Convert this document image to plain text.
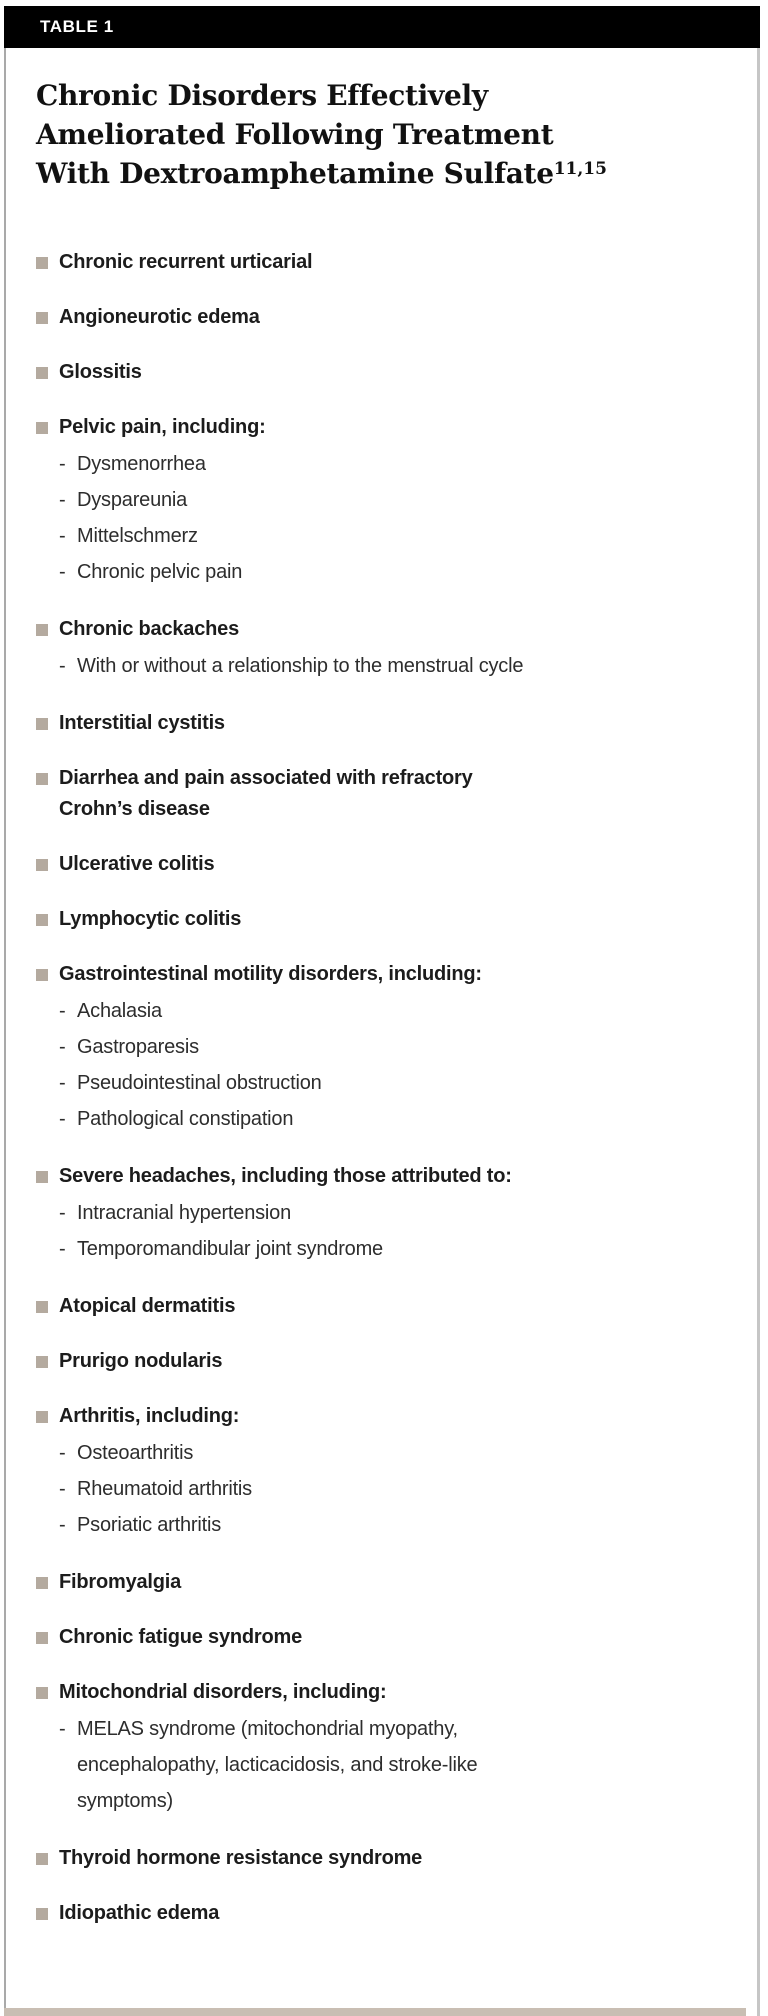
TABLE 1
Chronic Disorders Effectively
Ameliorated Following Treatment
With Dextroamphetamine Sulfate$^{11,15}$
Chronic recurrent urticarial
Angioneurotic edema
Glossitis
Pelvic pain, including:
- Dysmenorrhea
- Dyspareunia
- Mittelschmerz
- Chronic pelvic pain
Chronic backaches
- With or without a relationship to the menstrual cycle
Interstitial cystitis
Diarrhea and pain associated with refractory
Crohn’s disease
Ulcerative colitis
Lymphocytic colitis
Gastrointestinal motility disorders, including:
- Achalasia
- Gastroparesis
- Pseudointestinal obstruction
- Pathological constipation
Severe headaches, including those attributed to:
- Intracranial hypertension
- Temporomandibular joint syndrome
Atopical dermatitis
Prurigo nodularis
Arthritis, including:
- Osteoarthritis
- Rheumatoid arthritis
- Psoriatic arthritis
Fibromyalgia
Chronic fatigue syndrome
Mitochondrial disorders, including:
- MELAS syndrome (mitochondrial myopathy,
encephalopathy, lacticacidosis, and stroke-like
symptoms)
Thyroid hormone resistance syndrome
Idiopathic edema
